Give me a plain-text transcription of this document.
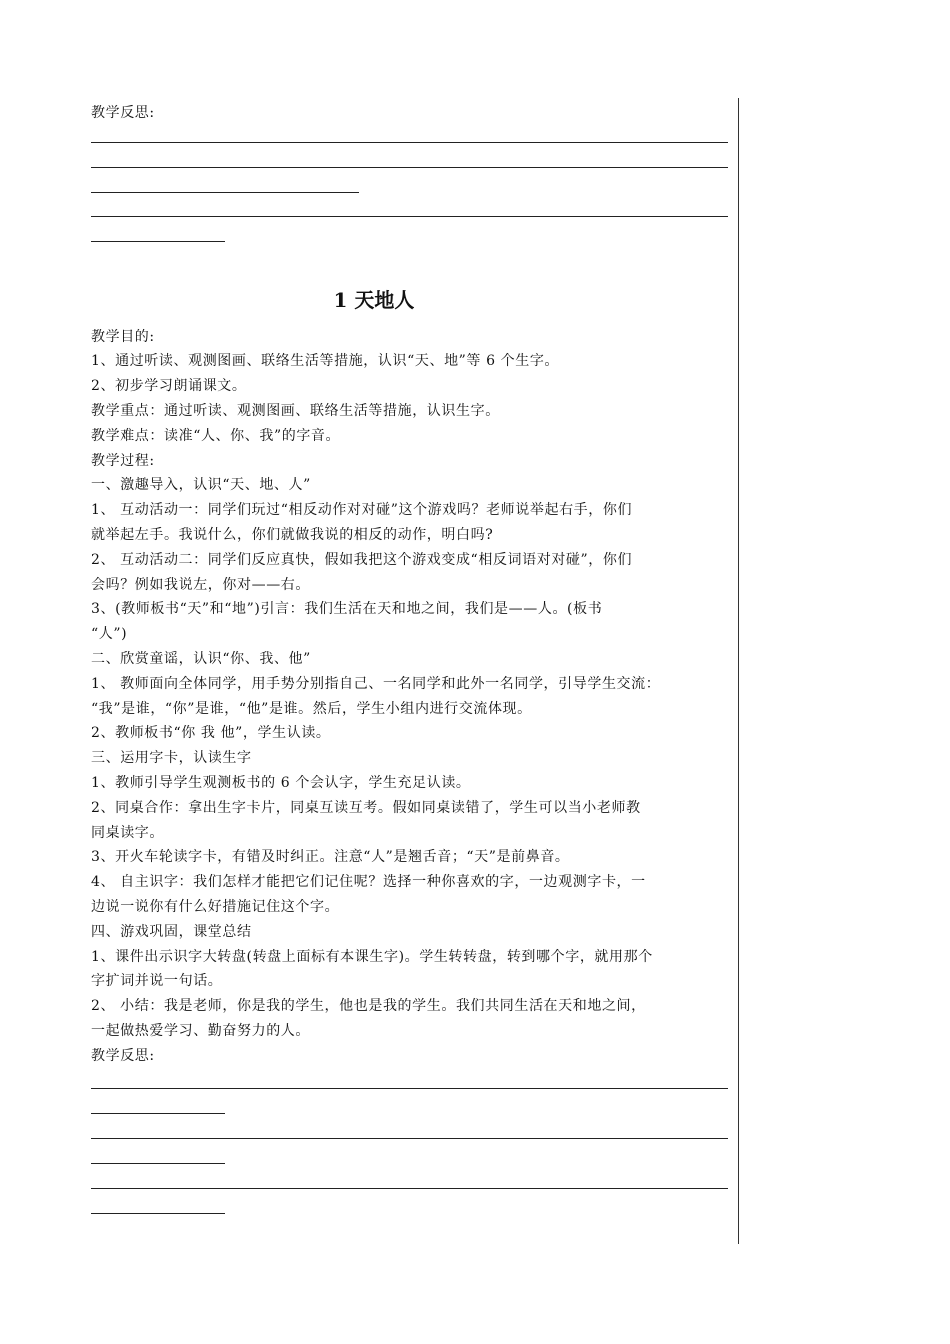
教学反思:
1 天地人
教学目的:
1、通过听读、观测图画、联络生活等措施，认识“天、地”等 6 个生字。
2、初步学习朗诵课文。
教学重点：通过听读、观测图画、联络生活等措施，认识生字。
教学难点：读准“人、你、我”的字音。
教学过程:
一、激趣导入，认识“天、地、人”
1、 互动活动一：同学们玩过“相反动作对对碰”这个游戏吗？老师说举起右手，你们
就举起左手。我说什么，你们就做我说的相反的动作，明白吗?
2、 互动活动二：同学们反应真快，假如我把这个游戏变成“相反词语对对碰”，你们
会吗？例如我说左，你对——右。
3、(教师板书“天”和“地”)引言：我们生活在天和地之间，我们是——人。(板书
“人”)
二、欣赏童谣，认识“你、我、他”
1、 教师面向全体同学，用手势分别指自己、一名同学和此外一名同学，引导学生交流：
“我”是谁，“你”是谁，“他”是谁。然后，学生小组内进行交流体现。
2、教师板书“你 我 他”，学生认读。
三、运用字卡，认读生字
1、教师引导学生观测板书的 6 个会认字，学生充足认读。
2、同桌合作：拿出生字卡片，同桌互读互考。假如同桌读错了，学生可以当小老师教
同桌读字。
3、开火车轮读字卡，有错及时纠正。注意“人”是翘舌音；“天”是前鼻音。
4、 自主识字：我们怎样才能把它们记住呢？选择一种你喜欢的字，一边观测字卡，一
边说一说你有什么好措施记住这个字。
四、游戏巩固，课堂总结
1、课件出示识字大转盘(转盘上面标有本课生字)。学生转转盘，转到哪个字，就用那个
字扩词并说一句话。
2、 小结：我是老师，你是我的学生，他也是我的学生。我们共同生活在天和地之间，
一起做热爱学习、勤奋努力的人。
教学反思:
